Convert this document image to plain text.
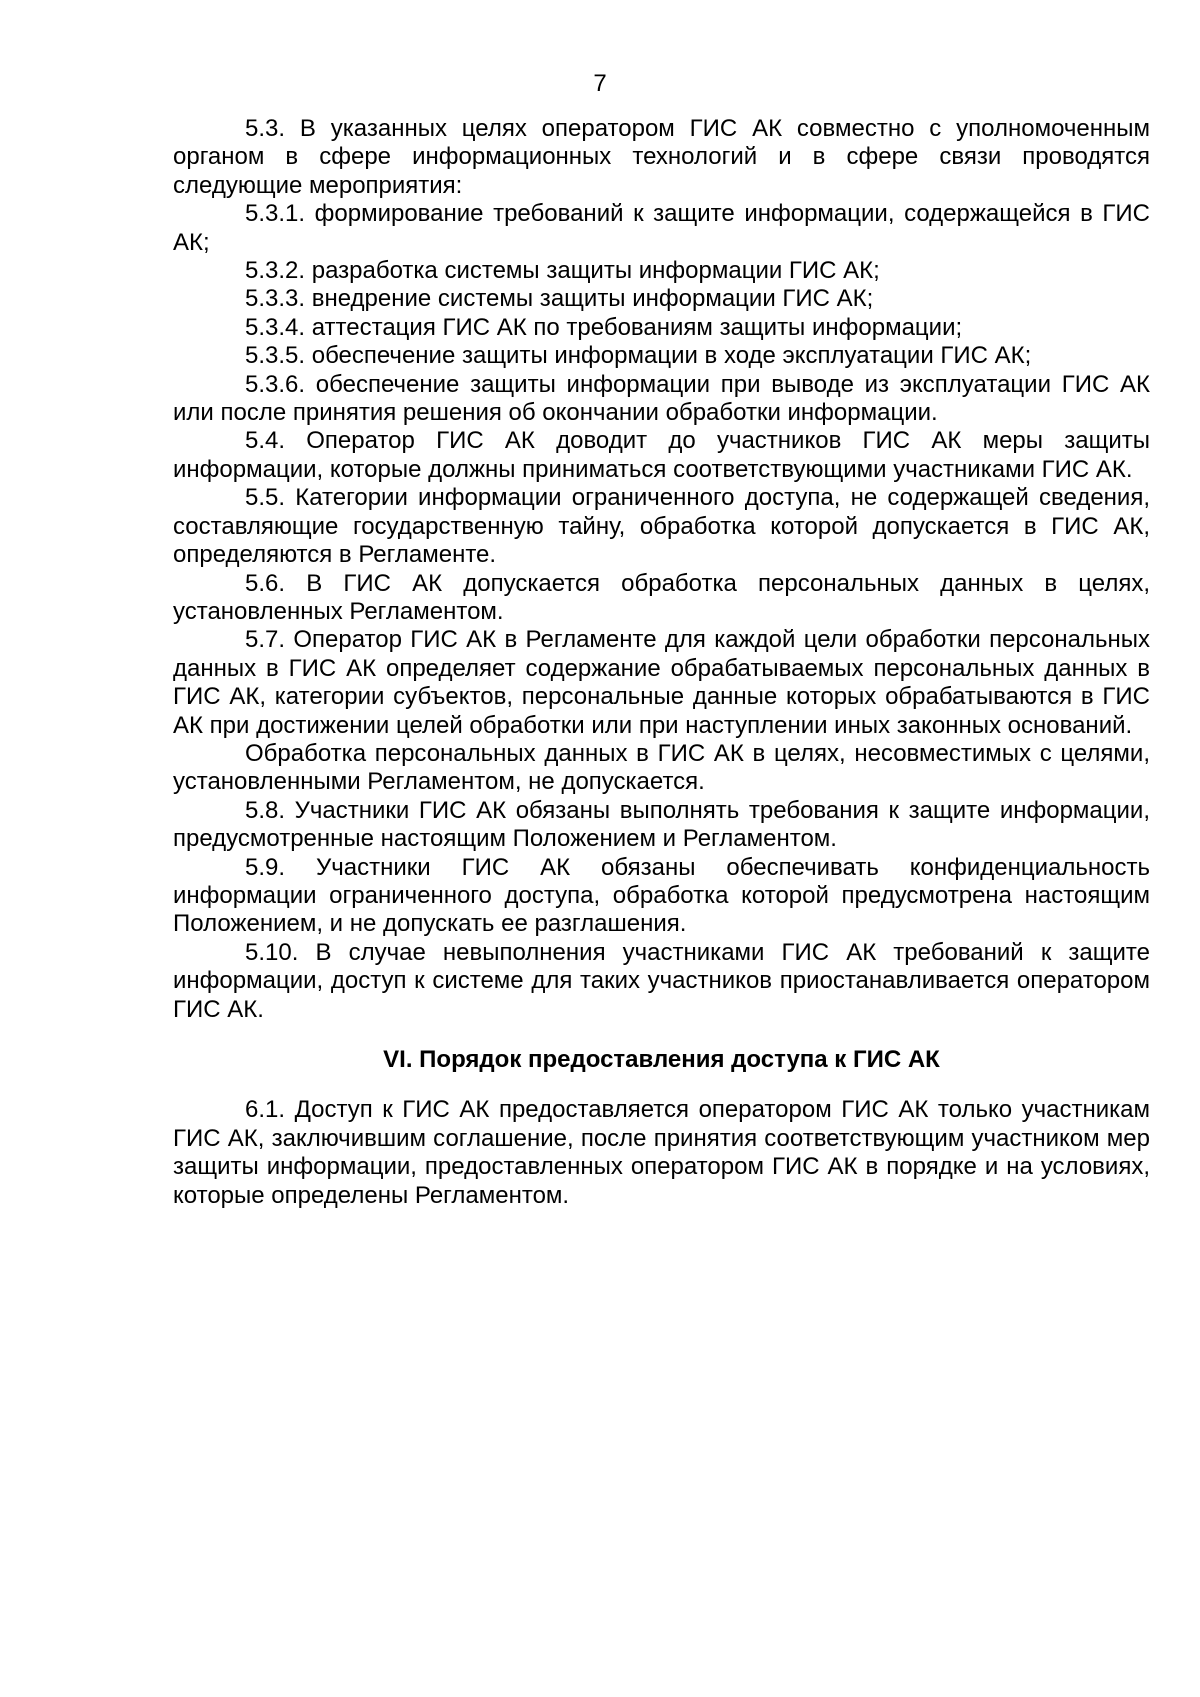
7

5.3. В указанных целях оператором ГИС АК совместно с уполномоченным органом в сфере информационных технологий и в сфере связи проводятся следующие мероприятия:

5.3.1. формирование требований к защите информации, содержащейся в ГИС АК;

5.3.2. разработка системы защиты информации ГИС АК;

5.3.3. внедрение системы защиты информации ГИС АК;

5.3.4. аттестация ГИС АК по требованиям защиты информации;

5.3.5. обеспечение защиты информации в ходе эксплуатации ГИС АК;

5.3.6. обеспечение защиты информации при выводе из эксплуатации ГИС АК или после принятия решения об окончании обработки информации.

5.4. Оператор ГИС АК доводит до участников ГИС АК меры защиты информации, которые должны приниматься соответствующими участниками ГИС АК.

5.5. Категории информации ограниченного доступа, не содержащей сведения, составляющие государственную тайну, обработка которой допускается в ГИС АК, определяются в Регламенте.

5.6. В ГИС АК допускается обработка персональных данных в целях, установленных Регламентом.

5.7. Оператор ГИС АК в Регламенте для каждой цели обработки персональных данных в ГИС АК определяет содержание обрабатываемых персональных данных в ГИС АК, категории субъектов, персональные данные которых обрабатываются в ГИС АК при достижении целей обработки или при наступлении иных законных оснований.

Обработка персональных данных в ГИС АК в целях, несовместимых с целями, установленными Регламентом, не допускается.

5.8. Участники ГИС АК обязаны выполнять требования к защите информации, предусмотренные настоящим Положением и Регламентом.

5.9. Участники ГИС АК обязаны обеспечивать конфиденциальность информации ограниченного доступа, обработка которой предусмотрена настоящим Положением, и не допускать ее разглашения.

5.10. В случае невыполнения участниками ГИС АК требований к защите информации, доступ к системе для таких участников приостанавливается оператором ГИС АК.

VI. Порядок предоставления доступа к ГИС АК

6.1. Доступ к ГИС АК предоставляется оператором ГИС АК только участникам ГИС АК, заключившим соглашение, после принятия соответствующим участником мер защиты информации, предоставленных оператором ГИС АК в порядке и на условиях, которые определены Регламентом.
